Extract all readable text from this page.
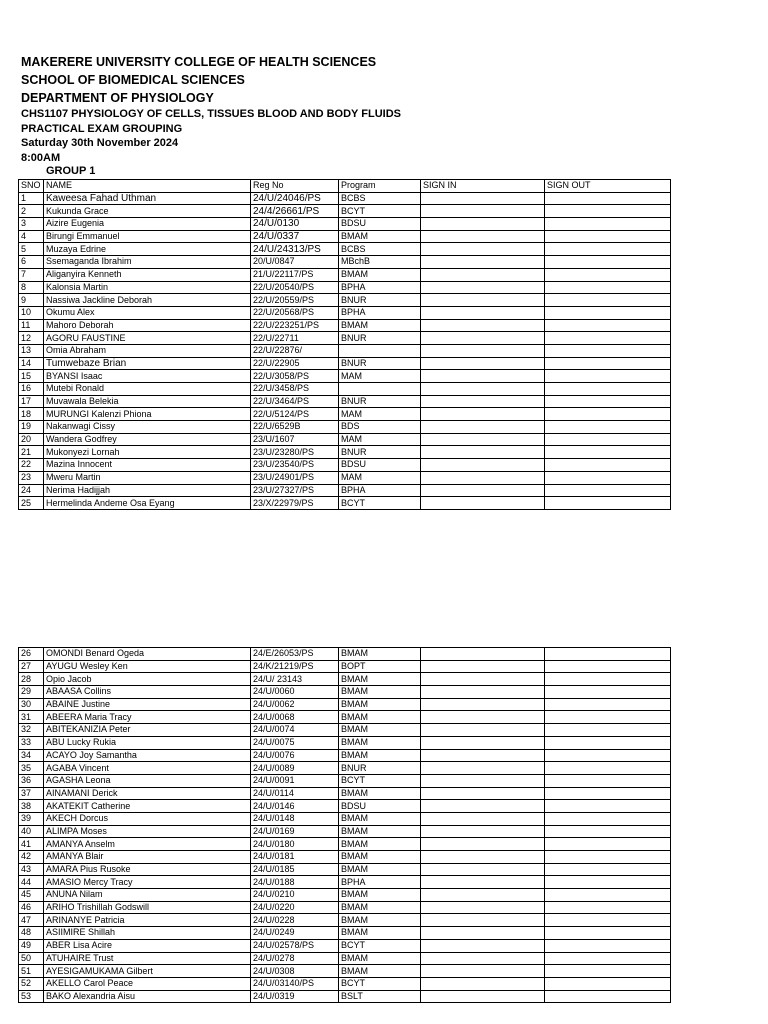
MAKERERE UNIVERSITY COLLEGE OF HEALTH SCIENCES
SCHOOL OF BIOMEDICAL SCIENCES
DEPARTMENT OF PHYSIOLOGY
CHS1107 PHYSIOLOGY OF CELLS, TISSUES BLOOD AND BODY FLUIDS
PRACTICAL EXAM GROUPING
Saturday 30th November 2024
8:00AM
GROUP 1
SNO	NAME	Reg No	Program	SIGN IN	SIGN OUT
1	Kaweesa Fahad Uthman	24/U/24046/PS	BCBS		
2	Kukunda Grace	24/4/26661/PS	BCYT		
3	Aizire Eugenia	24/U/0130	BDSU		
4	Birungi Emmanuel	24/U/0337	BMAM		
5	Muzaya Edrine	24/U/24313/PS	BCBS		
6	Ssemaganda Ibrahim	20/U/0847	MBchB		
7	Aliganyira Kenneth	21/U/22117/PS	BMAM		
8	Kalonsia Martin	22/U/20540/PS	BPHA		
9	Nassiwa Jackline Deborah	22/U/20559/PS	BNUR		
10	Okumu Alex	22/U/20568/PS	BPHA		
11	Mahoro Deborah	22/U/223251/PS	BMAM		
12	AGORU FAUSTINE	22/U/22711	BNUR		
13	Omia Abraham	22/U/22876/			
14	Tumwebaze Brian	22/U/22905	BNUR		
15	BYANSI Isaac	22/U/3058/PS	MAM		
16	Mutebi Ronald	22/U/3458/PS			
17	Muvawala Belekia	22/U/3464/PS	BNUR		
18	MURUNGI Kalenzi Phiona	22/U/5124/PS	MAM		
19	Nakanwagi Cissy	22/U/6529B	BDS		
20	Wandera Godfrey	23/U/1607	MAM		
21	Mukonyezi Lornah	23/U/23280/PS	BNUR		
22	Mazina Innocent	23/U/23540/PS	BDSU		
23	Mweru Martin	23/U/24901/PS	MAM		
24	Nerima Hadijjah	23/U/27327/PS	BPHA		
25	Hermelinda Andeme Osa Eyang	23/X/22979/PS	BCYT		
26	OMONDI Benard Ogeda	24/E/26053/PS	BMAM		
27	AYUGU Wesley Ken	24/K/21219/PS	BOPT		
28	Opio Jacob	24/U/ 23143	BMAM		
29	ABAASA Collins	24/U/0060	BMAM		
30	ABAINE Justine	24/U/0062	BMAM		
31	ABEERA Maria Tracy	24/U/0068	BMAM		
32	ABITEKANIZIA Peter	24/U/0074	BMAM		
33	ABU Lucky Rukia	24/U/0075	BMAM		
34	ACAYO Joy Samantha	24/U/0076	BMAM		
35	AGABA Vincent	24/U/0089	BNUR		
36	AGASHA Leona	24/U/0091	BCYT		
37	AINAMANI Derick	24/U/0114	BMAM		
38	AKATEKIT Catherine	24/U/0146	BDSU		
39	AKECH Dorcus	24/U/0148	BMAM		
40	ALIMPA Moses	24/U/0169	BMAM		
41	AMANYA Anselm	24/U/0180	BMAM		
42	AMANYA Blair	24/U/0181	BMAM		
43	AMARA Pius Rusoke	24/U/0185	BMAM		
44	AMASIO Mercy Tracy	24/U/0188	BPHA		
45	ANUNA Nilam	24/U/0210	BMAM		
46	ARIHO Trishillah Godswill	24/U/0220	BMAM		
47	ARINANYE Patricia	24/U/0228	BMAM		
48	ASIIMIRE Shillah	24/U/0249	BMAM		
49	ABER Lisa Acire	24/U/02578/PS	BCYT		
50	ATUHAIRE Trust	24/U/0278	BMAM		
51	AYESIGAMUKAMA Gilbert	24/U/0308	BMAM		
52	AKELLO Carol Peace	24/U/03140/PS	BCYT		
53	BAKO Alexandria Aisu	24/U/0319	BSLT		
